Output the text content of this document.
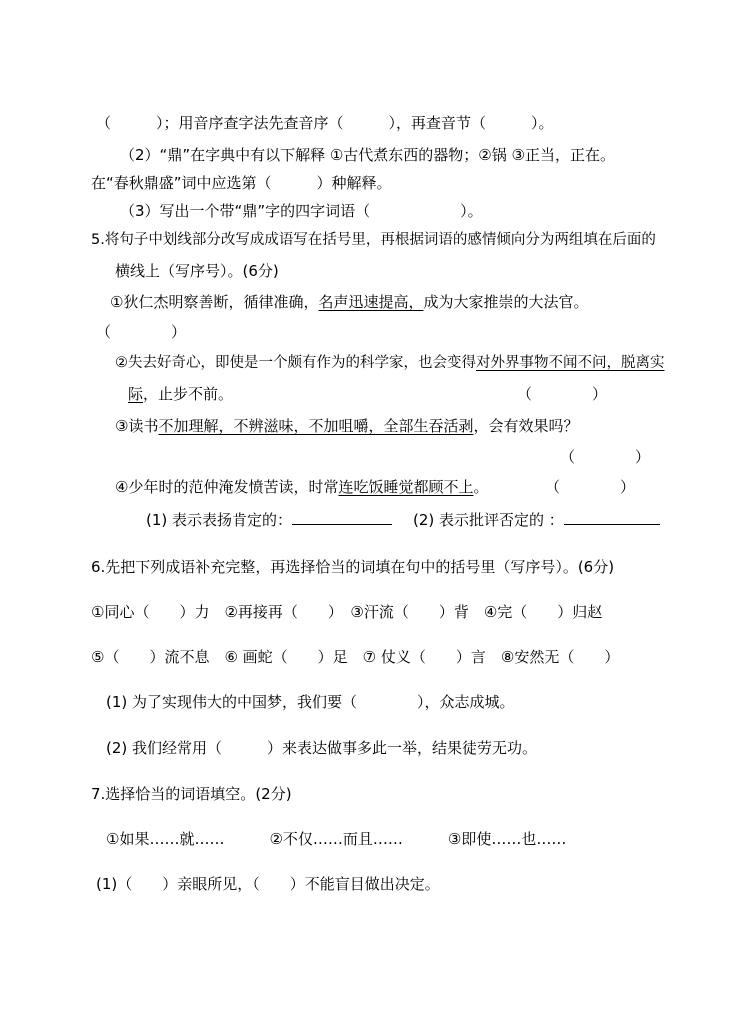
（　　　）；用音序查字法先查音序（　　　），再查音节（　　　）。
（2）“鼎”在字典中有以下解释 ①古代煮东西的器物；②锅 ③正当，正在。
在“春秋鼎盛”词中应选第（　　　）种解释。
（3）写出一个带“鼎”字的四字词语（　　　　　　）。
5.将句子中划线部分改写成成语写在括号里，再根据词语的感情倾向分为两组填在后面的
横线上（写序号）。(6分)
①狄仁杰明察善断，循律准确，名声迅速提高，成为大家推崇的大法官。
（　　　　）
②失去好奇心，即使是一个颇有作为的科学家，也会变得对外界事物不闻不问，脱离实
际，止步不前。	（　　　　）
③读书不加理解，不辨滋味，不加咀嚼，全部生吞活剥，会有效果吗？
（　　　　）
④少年时的范仲淹发愤苦读，时常连吃饭睡觉都顾不上。	（　　　　）
(1) 表示表扬肯定的：	(2) 表示批评否定的 ：
6.先把下列成语补充完整，再选择恰当的词填在句中的括号里（写序号）。(6分)
①同心（　　）力　②再接再（　　）　③汗流（　　）背　④完（　　）归赵
⑤（　　）流不息　⑥ 画蛇（　　）足　⑦ 仗义（　　）言　⑧安然无（　　）
(1) 为了实现伟大的中国梦，我们要（　　　　），众志成城。
(2) 我们经常用（　　　）来表达做事多此一举，结果徒劳无功。
7.选择恰当的词语填空。(2分)
①如果……就……　　　②不仅……而且……　　　③即使……也……
(1)（　　）亲眼所见，（　　）不能盲目做出决定。
